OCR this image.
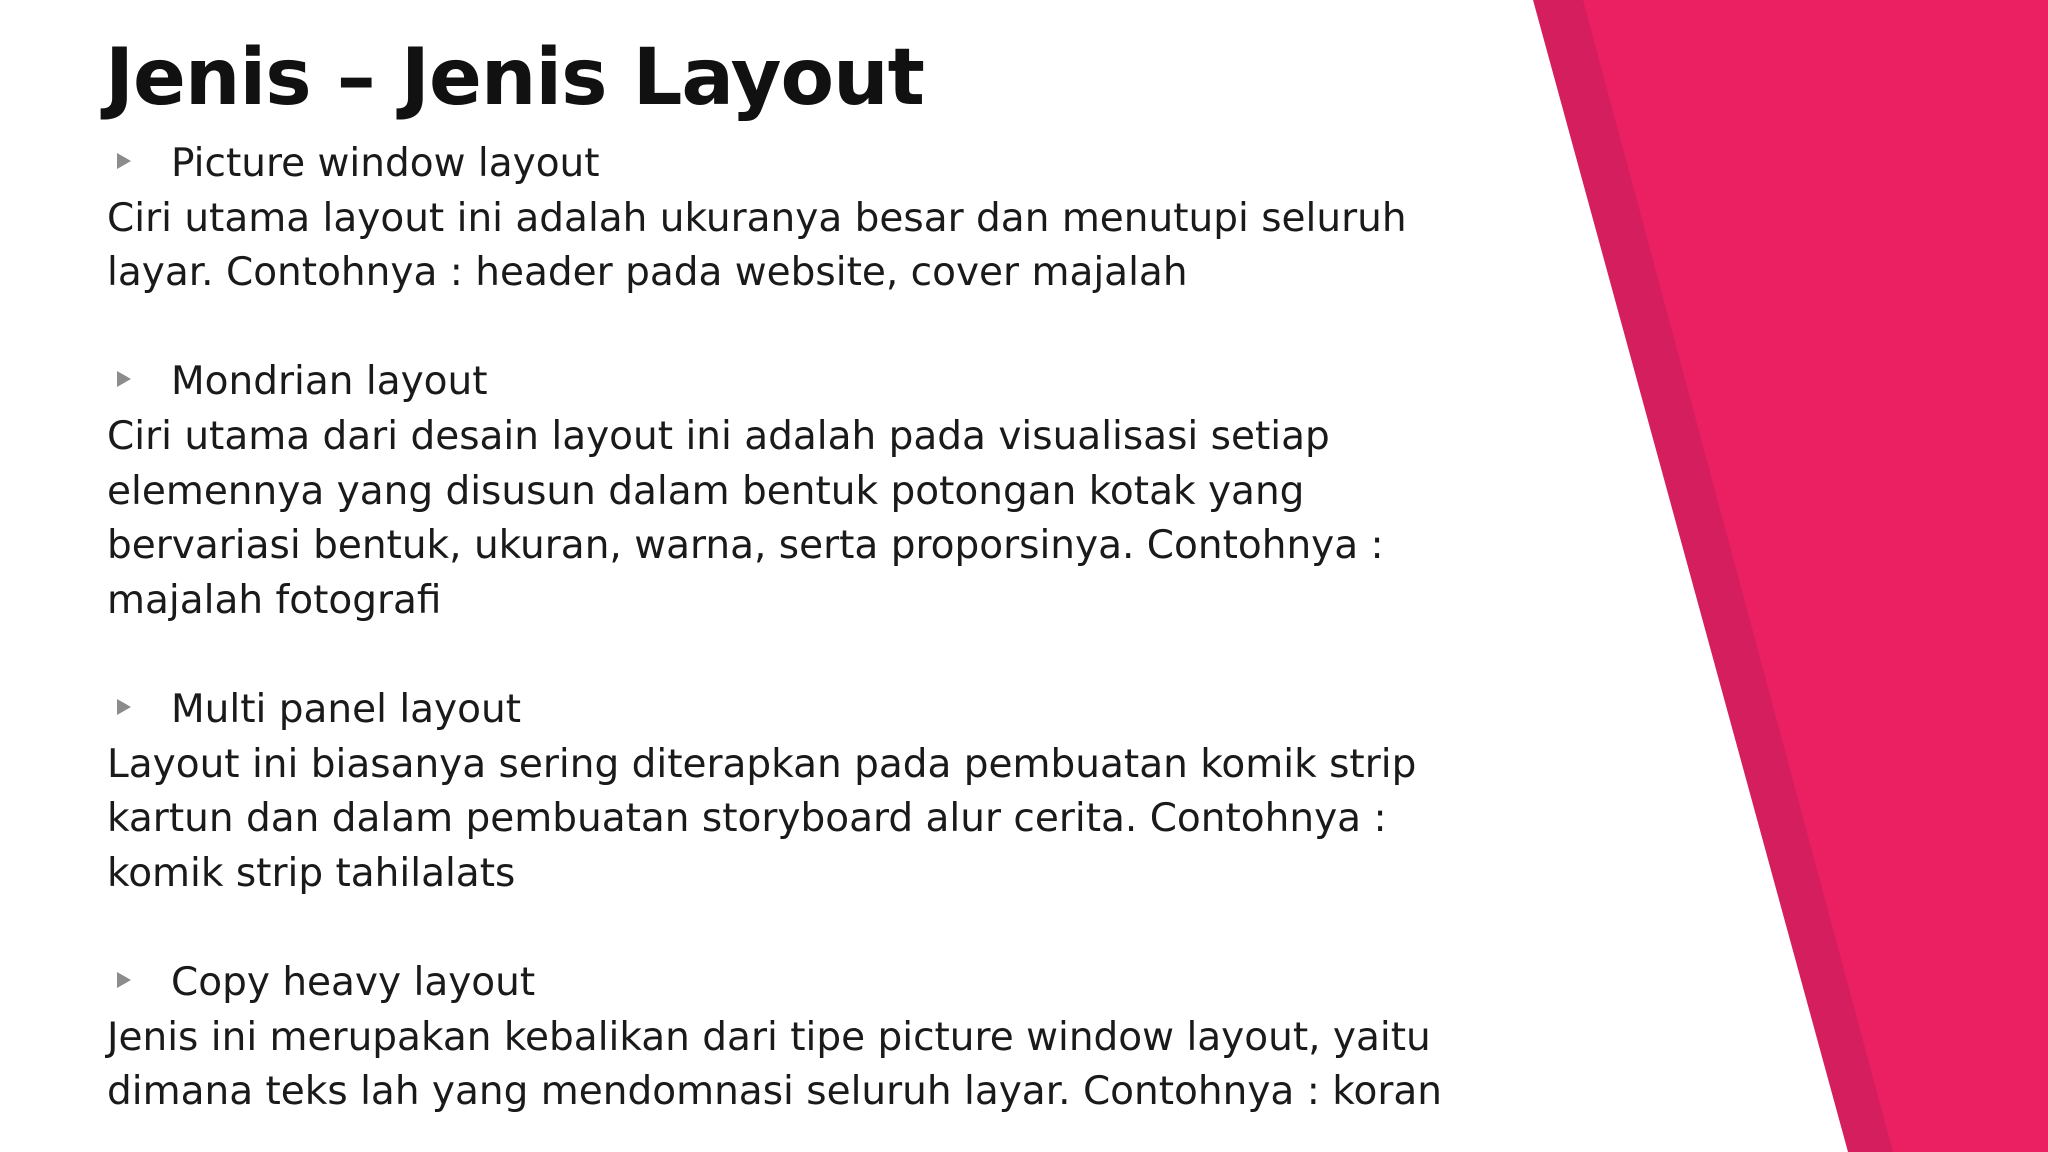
Jenis – Jenis Layout
Picture window layout

Ciri utama layout ini adalah ukuranya besar dan menutupi seluruh
layar. Contohnya : header pada website, cover majalah

Mondrian layout

Ciri utama dari desain layout ini adalah pada visualisasi setiap
elemennya yang disusun dalam bentuk potongan kotak yang
bervariasi bentuk, ukuran, warna, serta proporsinya. Contohnya :
majalah fotografi

Multi panel layout

Layout ini biasanya sering diterapkan pada pembuatan komik strip
kartun dan dalam pembuatan storyboard alur cerita. Contohnya :
komik strip tahilalats

Copy heavy layout

Jenis ini merupakan kebalikan dari tipe picture window layout, yaitu
dimana teks lah yang mendomnasi seluruh layar. Contohnya : koran
